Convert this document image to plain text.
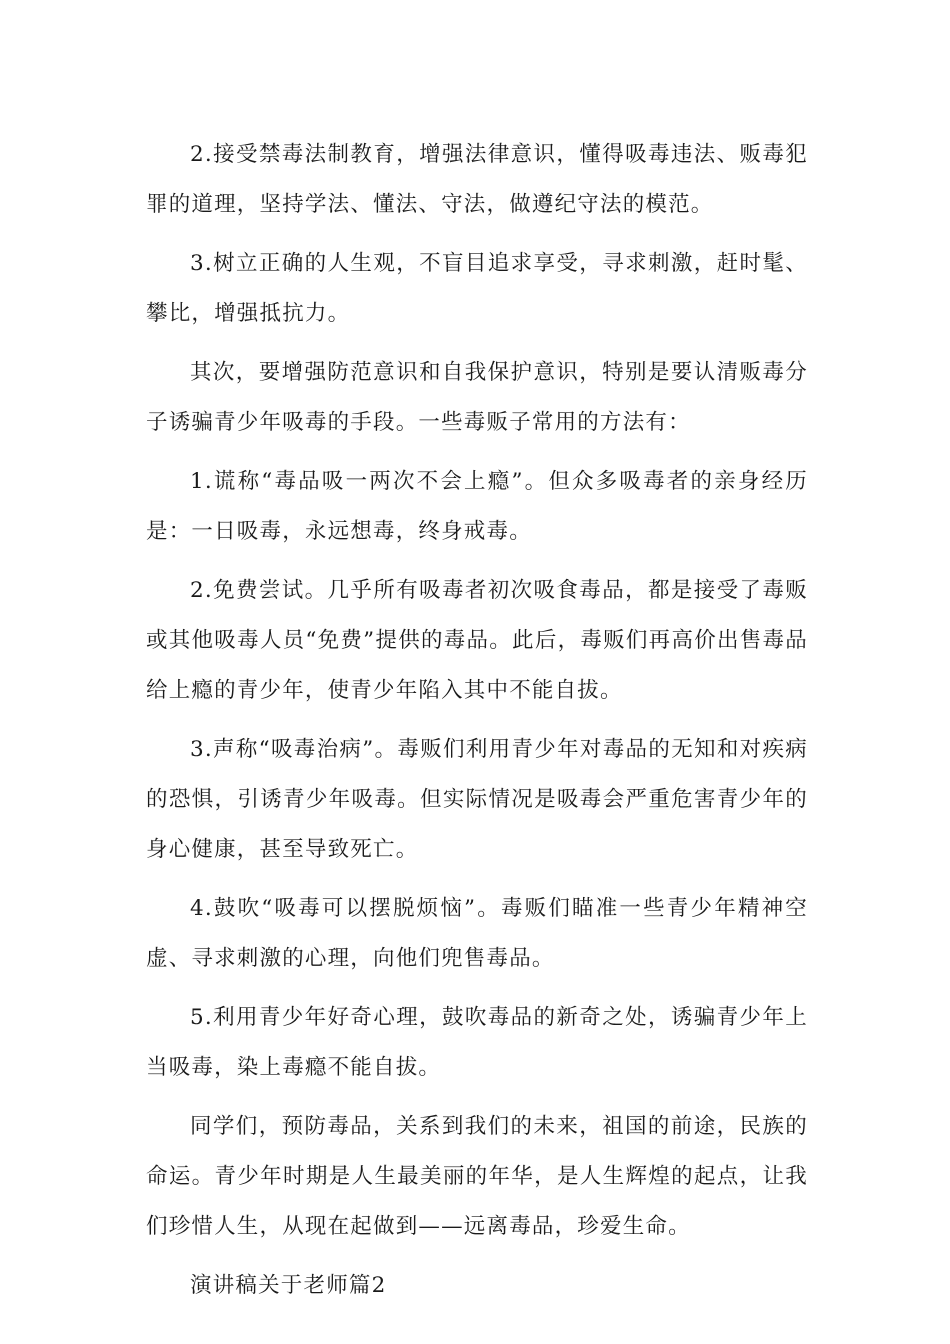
2.接受禁毒法制教育，增强法律意识，懂得吸毒违法、贩毒犯罪的道理，坚持学法、懂法、守法，做遵纪守法的模范。

3.树立正确的人生观，不盲目追求享受，寻求刺激，赶时髦、攀比，增强抵抗力。

其次，要增强防范意识和自我保护意识，特别是要认清贩毒分子诱骗青少年吸毒的手段。一些毒贩子常用的方法有：

1.谎称“毒品吸一两次不会上瘾”。但众多吸毒者的亲身经历是：一日吸毒，永远想毒，终身戒毒。

2.免费尝试。几乎所有吸毒者初次吸食毒品，都是接受了毒贩或其他吸毒人员“免费”提供的毒品。此后，毒贩们再高价出售毒品给上瘾的青少年，使青少年陷入其中不能自拔。

3.声称“吸毒治病”。毒贩们利用青少年对毒品的无知和对疾病的恐惧，引诱青少年吸毒。但实际情况是吸毒会严重危害青少年的身心健康，甚至导致死亡。

4.鼓吹“吸毒可以摆脱烦恼”。毒贩们瞄准一些青少年精神空虚、寻求刺激的心理，向他们兜售毒品。

5.利用青少年好奇心理，鼓吹毒品的新奇之处，诱骗青少年上当吸毒，染上毒瘾不能自拔。

同学们，预防毒品，关系到我们的未来，祖国的前途，民族的命运。青少年时期是人生最美丽的年华，是人生辉煌的起点，让我们珍惜人生，从现在起做到——远离毒品，珍爱生命。

演讲稿关于老师篇2
